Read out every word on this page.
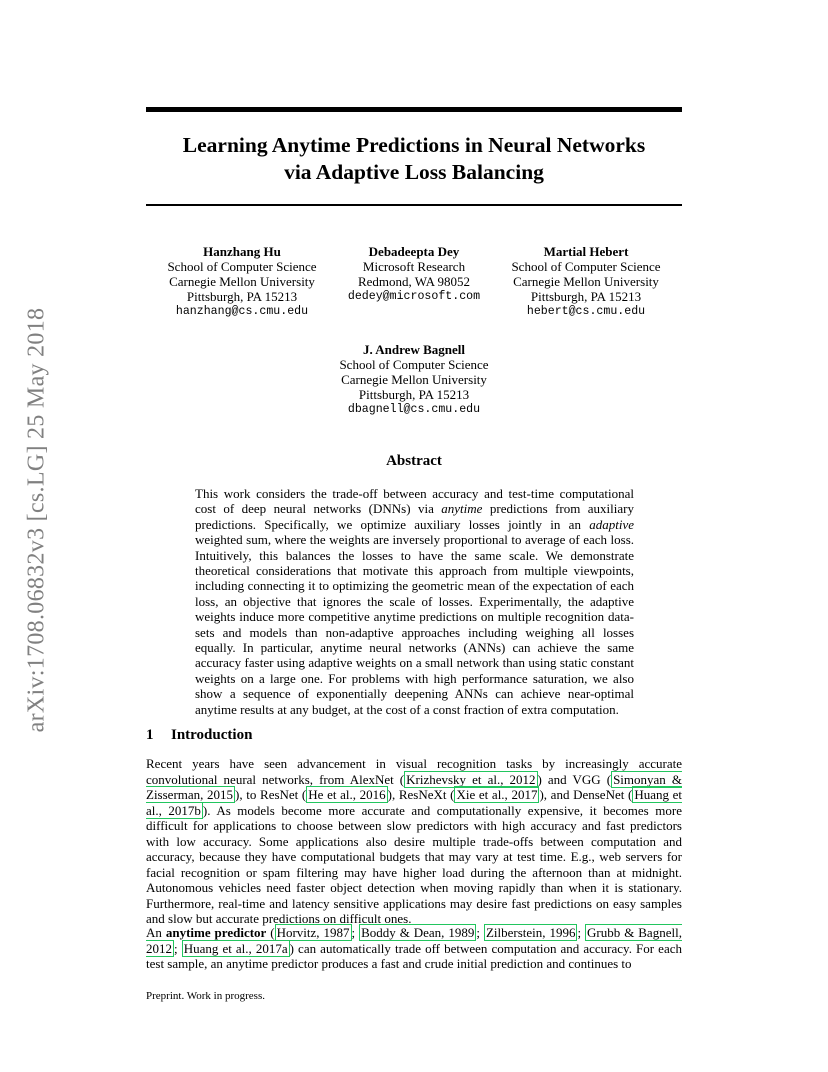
arXiv:1708.06832v3 [cs.LG] 25 May 2018
Learning Anytime Predictions in Neural Networks
via Adaptive Loss Balancing
Hanzhang Hu
School of Computer Science
Carnegie Mellon University
Pittsburgh, PA 15213
hanzhang@cs.cmu.edu
Debadeepta Dey
Microsoft Research
Redmond, WA 98052
dedey@microsoft.com
Martial Hebert
School of Computer Science
Carnegie Mellon University
Pittsburgh, PA 15213
hebert@cs.cmu.edu
J. Andrew Bagnell
School of Computer Science
Carnegie Mellon University
Pittsburgh, PA 15213
dbagnell@cs.cmu.edu
Abstract
This work considers the trade-off between accuracy and test-time computational cost of deep neural networks (DNNs) via anytime predictions from auxiliary predictions. Specifically, we optimize auxiliary losses jointly in an adaptive weighted sum, where the weights are inversely proportional to average of each loss. Intuitively, this balances the losses to have the same scale. We demonstrate theoretical considerations that motivate this approach from multiple viewpoints, including connecting it to optimizing the geometric mean of the expectation of each loss, an objective that ignores the scale of losses. Experimentally, the adaptive weights induce more competitive anytime predictions on multiple recognition data-sets and models than non-adaptive approaches including weighing all losses equally. In particular, anytime neural networks (ANNs) can achieve the same accuracy faster using adaptive weights on a small network than using static constant weights on a large one. For problems with high performance saturation, we also show a sequence of exponentially deepening ANNs can achieve near-optimal anytime results at any budget, at the cost of a const fraction of extra computation.
1 Introduction
Recent years have seen advancement in visual recognition tasks by increasingly accurate convolutional neural networks, from AlexNet ( Krizhevsky et al., 2012 ) and VGG ( Simonyan & Zisserman, 2015 ), to ResNet ( He et al., 2016 ), ResNeXt ( Xie et al., 2017 ), and DenseNet ( Huang et al., 2017b ). As models become more accurate and computationally expensive, it becomes more difficult for applications to choose between slow predictors with high accuracy and fast predictors with low accuracy. Some applications also desire multiple trade-offs between computation and accuracy, because they have computational budgets that may vary at test time. E.g., web servers for facial recognition or spam filtering may have higher load during the afternoon than at midnight. Autonomous vehicles need faster object detection when moving rapidly than when it is stationary. Furthermore, real-time and latency sensitive applications may desire fast predictions on easy samples and slow but accurate predictions on difficult ones.
An anytime predictor ( Horvitz, 1987 ; Boddy & Dean, 1989 ; Zilberstein, 1996 ; Grubb & Bagnell, 2012 ; Huang et al., 2017a ) can automatically trade off between computation and accuracy. For each test sample, an anytime predictor produces a fast and crude initial prediction and continues to
Preprint. Work in progress.
